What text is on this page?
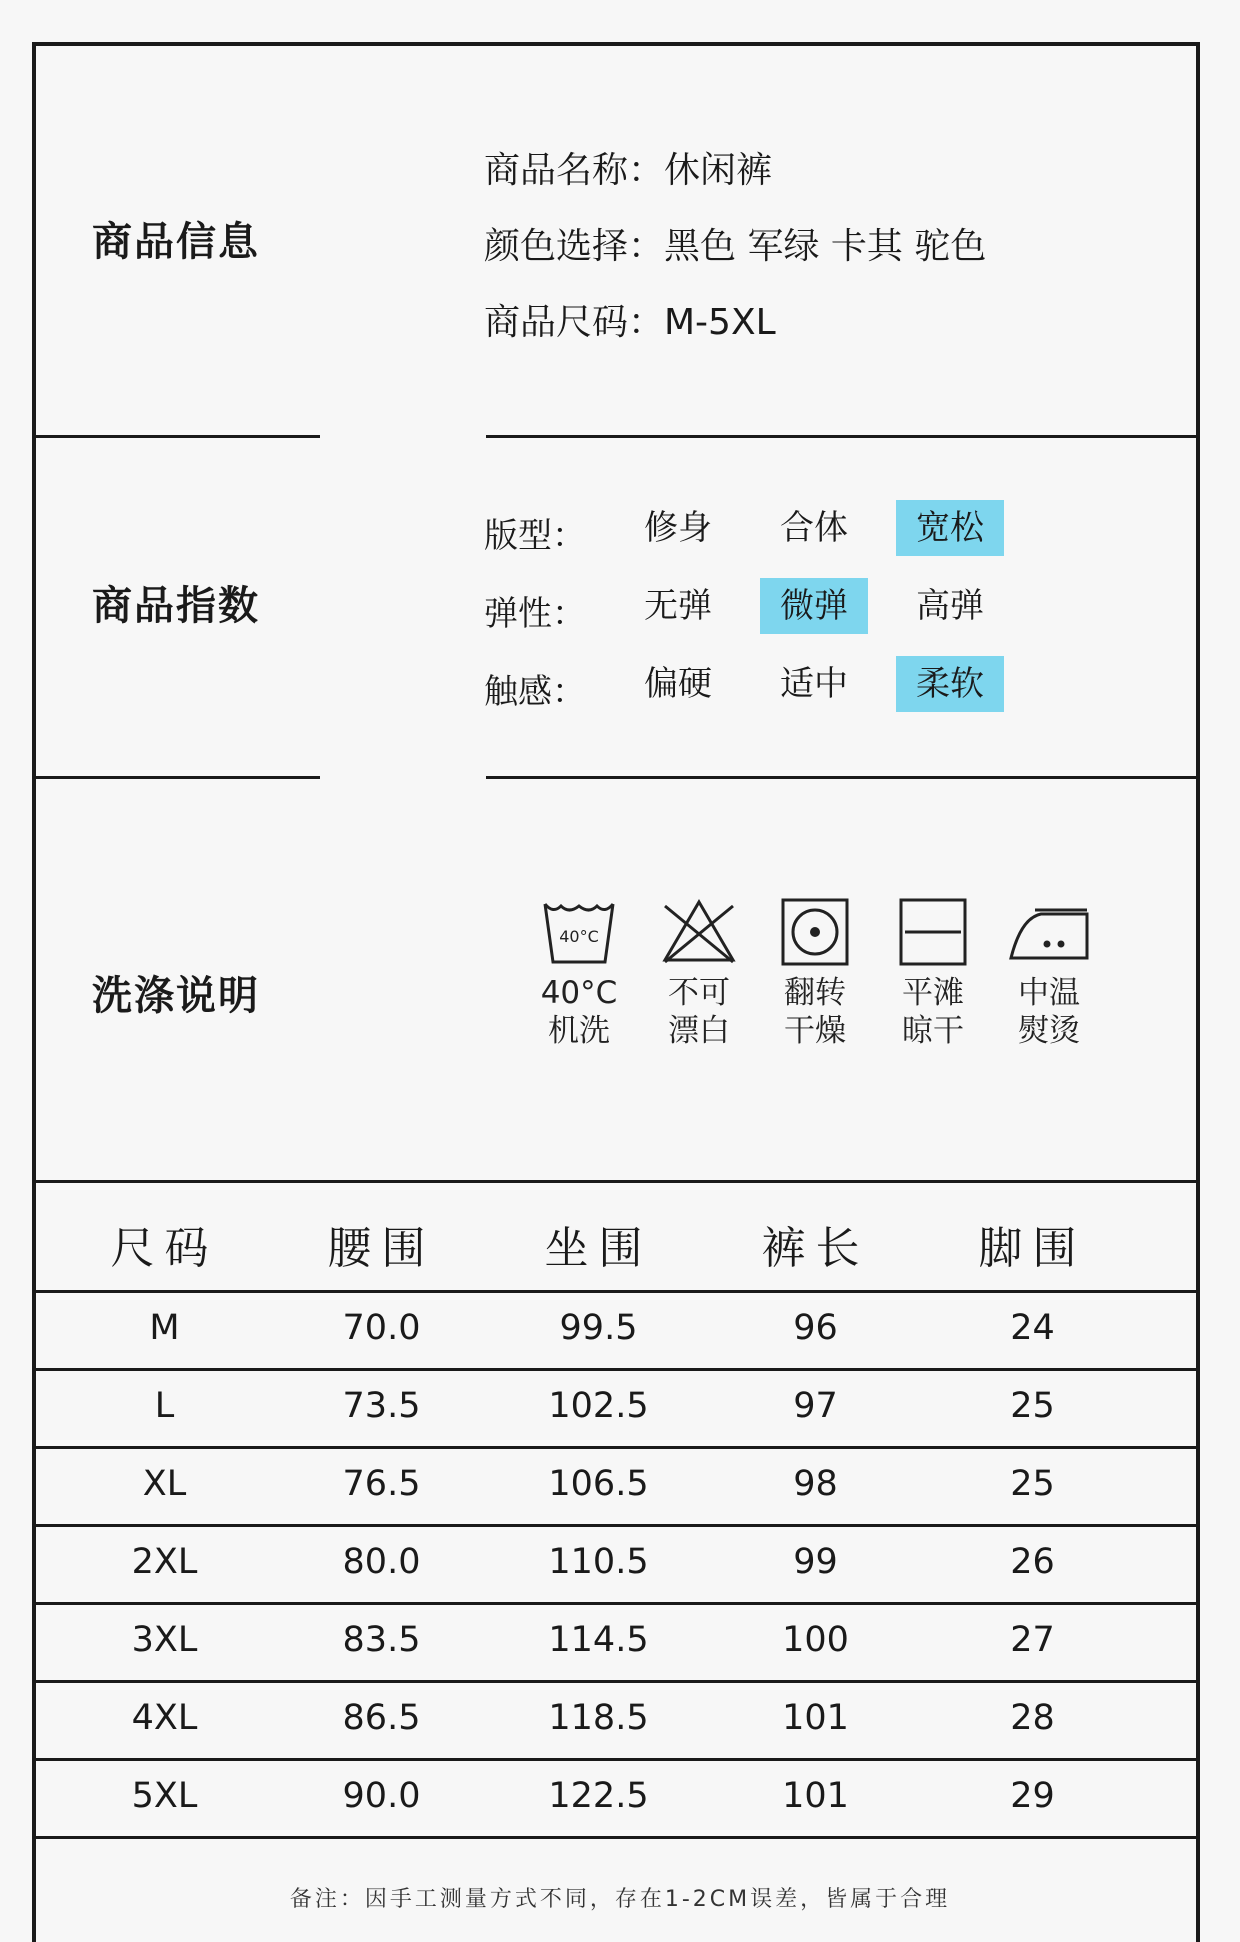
商品信息
商品名称：休闲裤
颜色选择：黑色 军绿 卡其 驼色
商品尺码：M-5XL
商品指数
版型：	修身	合体	宽松
弹性：	无弹	微弹	高弹
触感：	偏硬	适中	柔软
洗涤说明
40°C
40°C
机洗
不可
漂白
翻转
干燥
平滩
晾干
中温
熨烫
尺码	腰围	坐围	裤长	脚围
M	70.0	99.5	96	24
L	73.5	102.5	97	25
XL	76.5	106.5	98	25
2XL	80.0	110.5	99	26
3XL	83.5	114.5	100	27
4XL	86.5	118.5	101	28
5XL	90.0	122.5	101	29
备注：因手工测量方式不同，存在1-2CM误差，皆属于合理
